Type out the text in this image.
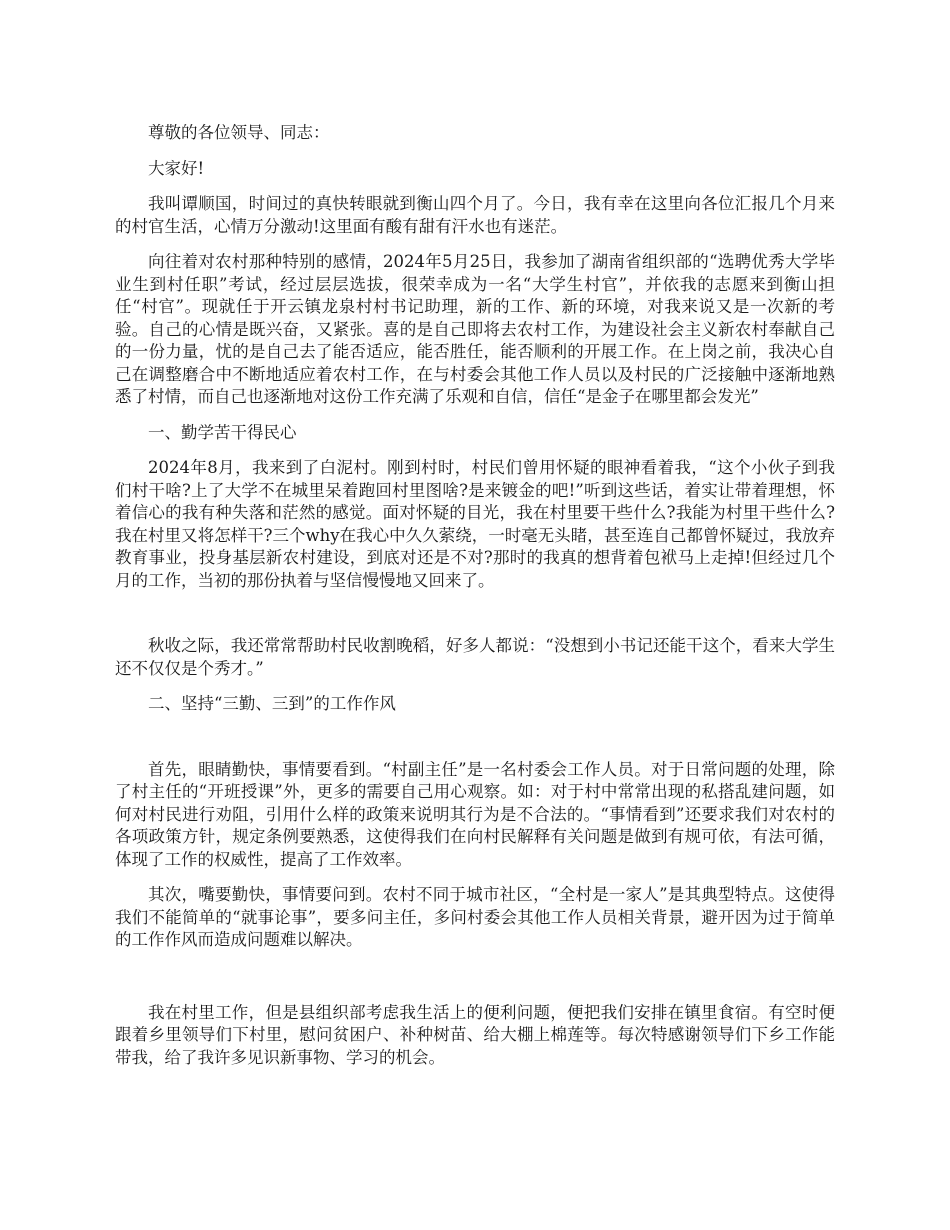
尊敬的各位领导、同志：

大家好!

我叫谭顺国，时间过的真快转眼就到衡山四个月了。今日，我有幸在这里向各位汇报几个月来的村官生活，心情万分激动!这里面有酸有甜有汗水也有迷茫。

向往着对农村那种特别的感情，2024年5月25日，我参加了湖南省组织部的“选聘优秀大学毕业生到村任职”考试，经过层层选拔，很荣幸成为一名“大学生村官”，并依我的志愿来到衡山担任“村官”。现就任于开云镇龙泉村村书记助理，新的工作、新的环境，对我来说又是一次新的考验。自己的心情是既兴奋，又紧张。喜的是自己即将去农村工作，为建设社会主义新农村奉献自己的一份力量，忧的是自己去了能否适应，能否胜任，能否顺利的开展工作。在上岗之前，我决心自己在调整磨合中不断地适应着农村工作，在与村委会其他工作人员以及村民的广泛接触中逐渐地熟悉了村情，而自己也逐渐地对这份工作充满了乐观和自信，信任“是金子在哪里都会发光”

一、勤学苦干得民心

2024年8月，我来到了白泥村。刚到村时，村民们曾用怀疑的眼神看着我，“这个小伙子到我们村干啥?上了大学不在城里呆着跑回村里图啥?是来镀金的吧!”听到这些话，着实让带着理想，怀着信心的我有种失落和茫然的感觉。面对怀疑的目光，我在村里要干些什么?我能为村里干些什么?我在村里又将怎样干?三个why在我心中久久萦绕，一时毫无头睹，甚至连自己都曾怀疑过，我放弃教育事业，投身基层新农村建设，到底对还是不对?那时的我真的想背着包袱马上走掉!但经过几个月的工作，当初的那份执着与坚信慢慢地又回来了。

秋收之际，我还常常帮助村民收割晚稻，好多人都说：“没想到小书记还能干这个，看来大学生还不仅仅是个秀才。”

二、坚持“三勤、三到”的工作作风

首先，眼睛勤快，事情要看到。“村副主任”是一名村委会工作人员。对于日常问题的处理，除了村主任的“开班授课”外，更多的需要自己用心观察。如：对于村中常常出现的私搭乱建问题，如何对村民进行劝阻，引用什么样的政策来说明其行为是不合法的。“事情看到”还要求我们对农村的各项政策方针，规定条例要熟悉，这使得我们在向村民解释有关问题是做到有规可依，有法可循，体现了工作的权威性，提高了工作效率。

其次，嘴要勤快，事情要问到。农村不同于城市社区，“全村是一家人”是其典型特点。这使得我们不能简单的“就事论事”，要多问主任，多问村委会其他工作人员相关背景，避开因为过于简单的工作作风而造成问题难以解决。

我在村里工作，但是县组织部考虑我生活上的便利问题，便把我们安排在镇里食宿。有空时便跟着乡里领导们下村里，慰问贫困户、补种树苗、给大棚上棉莲等。每次特感谢领导们下乡工作能带我，给了我许多见识新事物、学习的机会。
